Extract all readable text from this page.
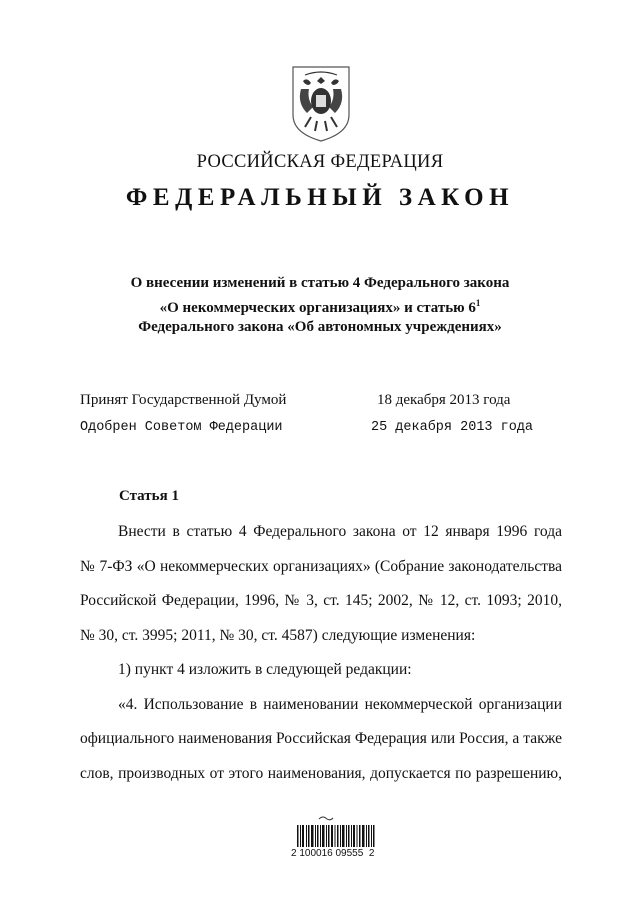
РОССИЙСКАЯ ФЕДЕРАЦИЯ
ФЕДЕРАЛЬНЫЙ ЗАКОН
О внесении изменений в статью 4 Федерального закона
«О некоммерческих организациях» и статью $6^1$
Федерального закона «Об автономных учреждениях»
Принят Государственной Думой	18 декабря 2013 года
Одобрен Советом Федерации	25 декабря 2013 года
Статья 1
Внести в статью 4 Федерального закона от 12 января 1996 года
№ 7-ФЗ «О некоммерческих организациях» (Собрание законодательства
Российской Федерации, 1996, № 3, ст. 145; 2002, № 12, ст. 1093; 2010,
№ 30, ст. 3995; 2011, № 30, ст. 4587) следующие изменения:
1) пункт 4 изложить в следующей редакции:
«4. Использование в наименовании некоммерческой организации
официального наименования Российская Федерация или Россия, а также
слов, производных от этого наименования, допускается по разрешению,
2 100016 09555  2
